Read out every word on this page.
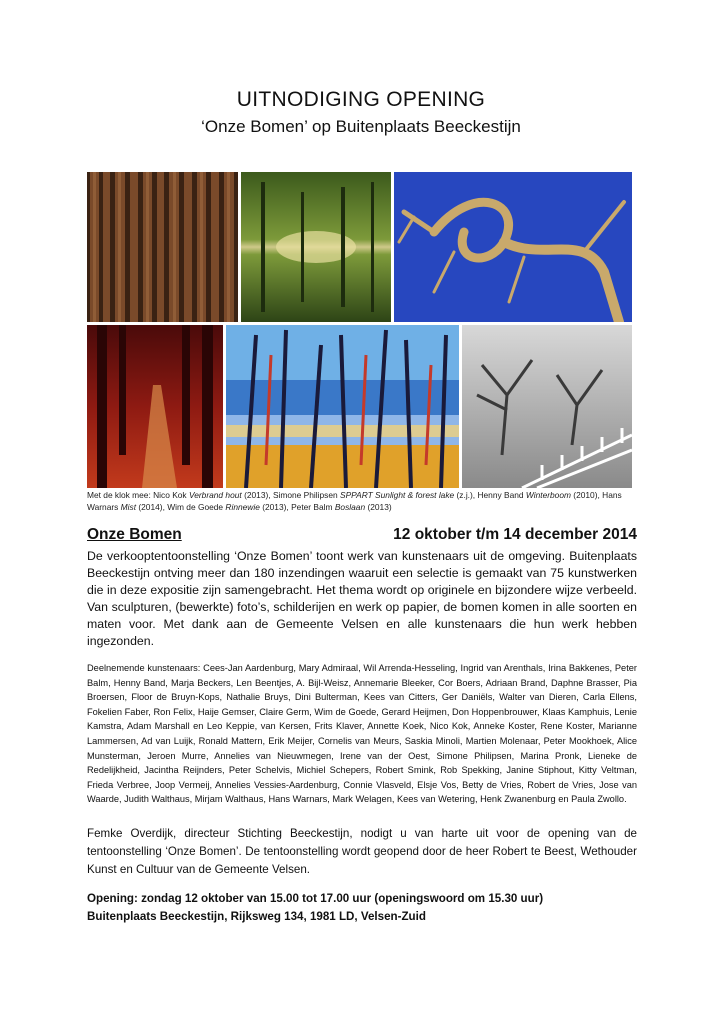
UITNODIGING OPENING
‘Onze Bomen’ op Buitenplaats Beeckestijn
Met de klok mee: Nico Kok Verbrand hout (2013), Simone Philipsen SPPART Sunlight & forest lake (z.j.), Henny Band Winterboom (2010), Hans Warnars Mist (2014), Wim de Goede Rinnewie (2013), Peter Balm Boslaan (2013)
Onze Bomen	12 oktober t/m 14 december 2014
De verkooptentoonstelling ‘Onze Bomen’ toont werk van kunstenaars uit de omgeving. Buitenplaats Beeckestijn ontving meer dan 180 inzendingen waaruit een selectie is gemaakt van 75 kunstwerken die in deze expositie zijn samengebracht. Het thema wordt op originele en bijzondere wijze verbeeld. Van sculpturen, (bewerkte) foto’s, schilderijen en werk op papier, de bomen komen in alle soorten en maten voor. Met dank aan de Gemeente Velsen en alle kunstenaars die hun werk hebben ingezonden.
Deelnemende kunstenaars: Cees-Jan Aardenburg, Mary Admiraal, Wil Arrenda-Hesseling, Ingrid van Arenthals, Irina Bakkenes, Peter Balm, Henny Band, Marja Beckers, Len Beentjes, A. Bijl-Weisz, Annemarie Bleeker, Cor Boers, Adriaan Brand, Daphne Brasser, Pia Broersen, Floor de Bruyn-Kops, Nathalie Bruys, Dini Bulterman, Kees van Citters, Ger Daniëls, Walter van Dieren, Carla Ellens, Fokelien Faber, Ron Felix, Haije Gemser, Claire Germ, Wim de Goede, Gerard Heijmen, Don Hoppenbrouwer, Klaas Kamphuis, Lenie Kamstra, Adam Marshall en Leo Keppie, van Kersen, Frits Klaver, Annette Koek, Nico Kok, Anneke Koster, Rene Koster, Marianne Lammersen, Ad van Luijk, Ronald Mattern, Erik Meijer, Cornelis van Meurs, Saskia Minoli, Martien Molenaar, Peter Mookhoek, Alice Munsterman, Jeroen Murre, Annelies van Nieuwmegen, Irene van der Oest, Simone Philipsen, Marina Pronk, Lieneke de Redelijkheid, Jacintha Reijnders, Peter Schelvis, Michiel Schepers, Robert Smink, Rob Spekking, Janine Stiphout, Kitty Veltman, Frieda Verbree, Joop Vermeij, Annelies Vessies-Aardenburg, Connie Vlasveld, Elsje Vos, Betty de Vries, Robert de Vries, Jose van Waarde, Judith Walthaus, Mirjam Walthaus, Hans Warnars, Mark Welagen, Kees van Wetering, Henk Zwanenburg en Paula Zwollo.
Femke Overdijk, directeur Stichting Beeckestijn, nodigt u van harte uit voor de opening van de tentoonstelling ‘Onze Bomen’. De tentoonstelling wordt geopend door de heer Robert te Beest, Wethouder Kunst en Cultuur van de Gemeente Velsen.
Opening: zondag 12 oktober van 15.00 tot 17.00 uur (openingswoord om 15.30 uur)
Buitenplaats Beeckestijn, Rijksweg 134, 1981 LD, Velsen-Zuid
